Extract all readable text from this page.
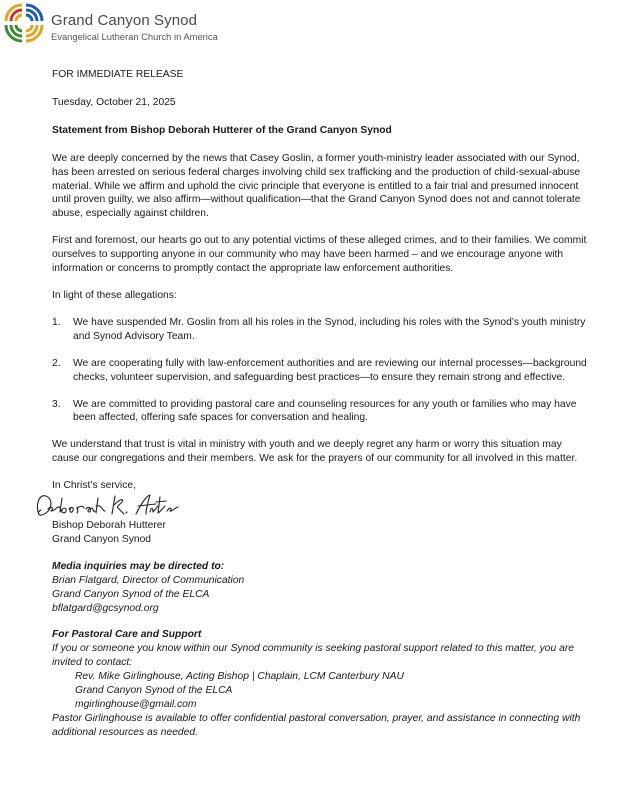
Grand Canyon Synod
Evangelical Lutheran Church in America

FOR IMMEDIATE RELEASE

Tuesday, October 21, 2025

Statement from Bishop Deborah Hutterer of the Grand Canyon Synod

We are deeply concerned by the news that Casey Goslin, a former youth-ministry leader associated with our Synod, has been arrested on serious federal charges involving child sex trafficking and the production of child-sexual-abuse material. While we affirm and uphold the civic principle that everyone is entitled to a fair trial and presumed innocent until proven guilty, we also affirm—without qualification—that the Grand Canyon Synod does not and cannot tolerate abuse, especially against children.

First and foremost, our hearts go out to any potential victims of these alleged crimes, and to their families. We commit ourselves to supporting anyone in our community who may have been harmed – and we encourage anyone with information or concerns to promptly contact the appropriate law enforcement authorities.

In light of these allegations:

1.	We have suspended Mr. Goslin from all his roles in the Synod, including his roles with the Synod’s youth ministry and Synod Advisory Team.
2.	We are cooperating fully with law-enforcement authorities and are reviewing our internal processes—background checks, volunteer supervision, and safeguarding best practices—to ensure they remain strong and effective.
3.	We are committed to providing pastoral care and counseling resources for any youth or families who may have been affected, offering safe spaces for conversation and healing.

We understand that trust is vital in ministry with youth and we deeply regret any harm or worry this situation may cause our congregations and their members. We ask for the prayers of our community for all involved in this matter.

In Christ’s service,

Bishop Deborah Hutterer

Grand Canyon Synod

Media inquiries may be directed to:

Brian Flatgard, Director of Communication

Grand Canyon Synod of the ELCA

bflatgard@gcsynod.org

For Pastoral Care and Support

If you or someone you know within our Synod community is seeking pastoral support related to this matter, you are invited to contact:

Rev. Mike Girlinghouse, Acting Bishop | Chaplain, LCM Canterbury NAU

Grand Canyon Synod of the ELCA

mgirlinghouse@gmail.com

Pastor Girlinghouse is available to offer confidential pastoral conversation, prayer, and assistance in connecting with additional resources as needed.
